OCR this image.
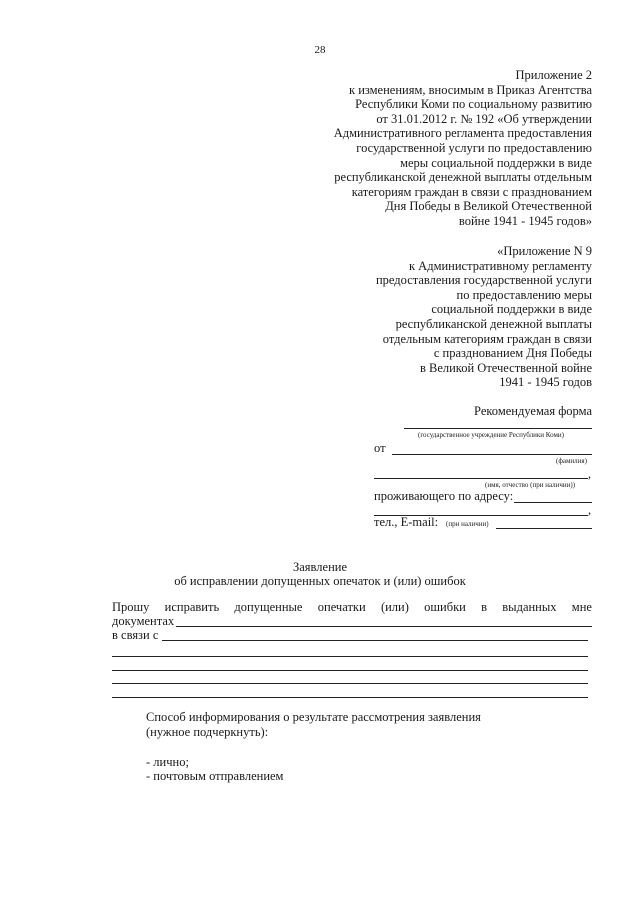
28
Приложение 2
к изменениям, вносимым в Приказ Агентства
Республики Коми по социальному развитию
от 31.01.2012 г. № 192 «Об утверждении
Административного регламента предоставления
государственной услуги по предоставлению
меры социальной поддержки в виде
республиканской денежной выплаты отдельным
категориям граждан в связи с празднованием
Дня Победы в Великой Отечественной
войне 1941 - 1945 годов»
«Приложение N 9
к Административному регламенту
предоставления государственной услуги
по предоставлению меры
социальной поддержки в виде
республиканской денежной выплаты
отдельным категориям граждан в связи
с празднованием Дня Победы
в Великой Отечественной войне
1941 - 1945 годов
Рекомендуемая форма
(государственное учреждение Республики Коми)
от
(фамилия)
,
(имя, отчество (при наличии))
проживающего по адресу:
,
тел., E-mail: (при наличии)
Заявление
об исправлении допущенных опечаток и (или) ошибок
Прошу исправить допущенные опечатки (или) ошибки в выданных мне
документах
в связи с
Способ информирования о результате рассмотрения заявления
(нужное подчеркнуть):
- лично;
- почтовым отправлением
